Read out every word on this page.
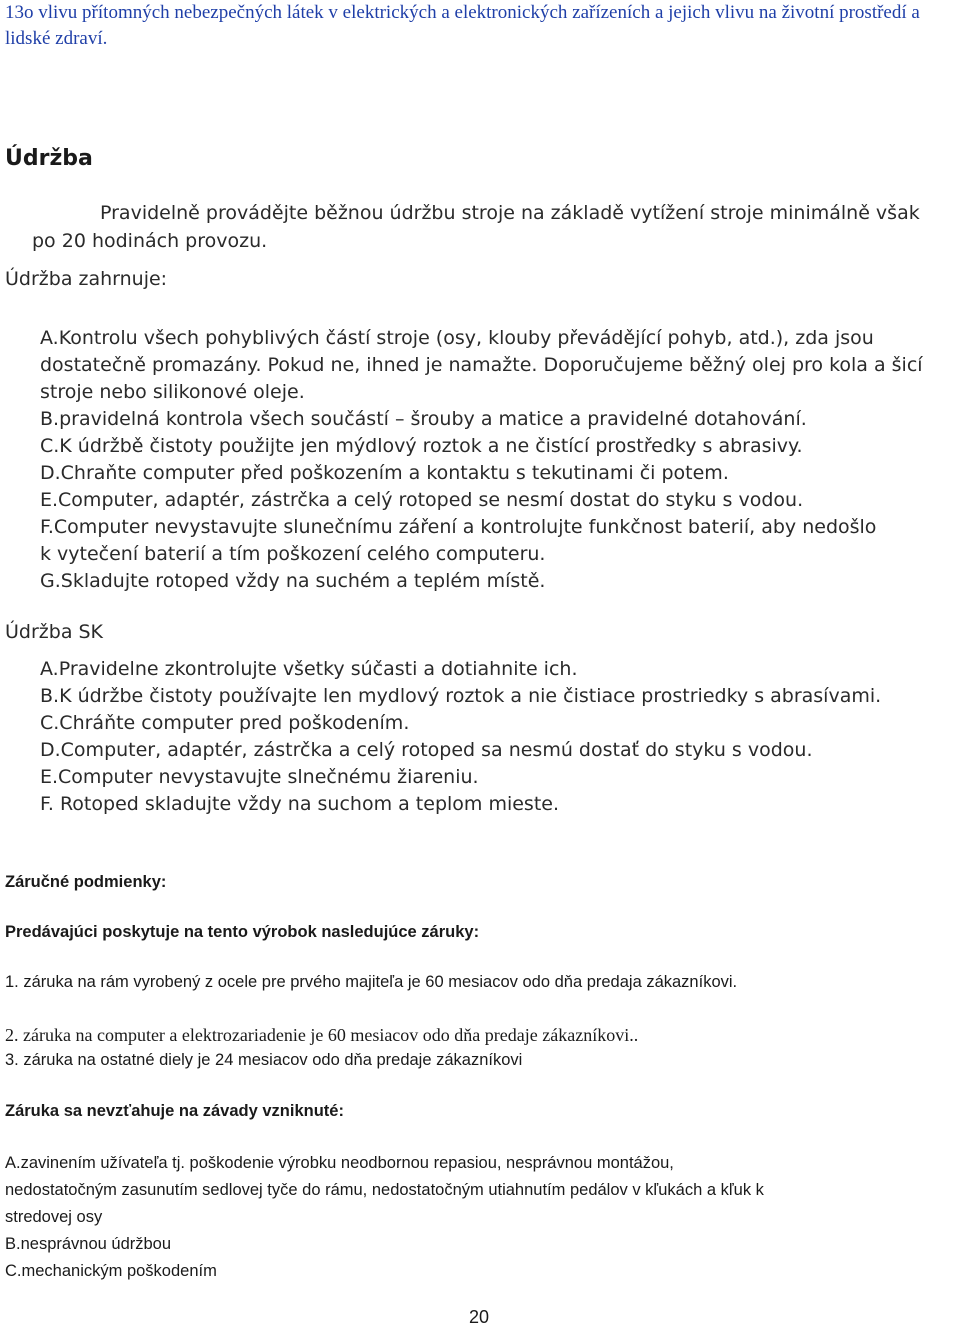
13o vlivu přítomných nebezpečných látek v elektrických a elektronických zařízeních a jejich vlivu na životní prostředí a lidské zdraví.
Údržba
Pravidelně provádějte běžnou údržbu stroje na základě vytížení stroje minimálně však
po 20 hodinách provozu.
Údržba zahrnuje:
A.Kontrolu všech pohyblivých částí stroje (osy, klouby převádějící pohyb, atd.), zda jsou
dostatečně promazány. Pokud ne, ihned je namažte. Doporučujeme běžný olej pro kola a šicí
stroje nebo silikonové oleje.
B.pravidelná kontrola všech součástí – šrouby a matice a pravidelné dotahování.
C.K údržbě čistoty použijte jen mýdlový roztok a ne čistící prostředky s abrasivy.
D.Chraňte computer před poškozením a kontaktu s tekutinami či potem.
E.Computer, adaptér, zástrčka a celý rotoped se nesmí dostat do styku s vodou.
F.Computer nevystavujte slunečnímu záření a kontrolujte funkčnost baterií, aby nedošlo
k vytečení baterií a tím poškození celého computeru.
G.Skladujte rotoped vždy na suchém a teplém místě.
Údržba SK
A.Pravidelne zkontrolujte všetky súčasti a dotiahnite ich.
B.K údržbe čistoty používajte len mydlový roztok a nie čistiace prostriedky s abrasívami.
C.Chráňte computer pred poškodením.
D.Computer, adaptér, zástrčka a celý rotoped sa nesmú dostať do styku s vodou.
E.Computer nevystavujte slnečnému žiareniu.
F. Rotoped skladujte vždy na suchom a teplom mieste.
Záručné podmienky:
Predávajúci poskytuje na tento výrobok nasledujúce záruky:
1. záruka na rám vyrobený z ocele pre prvého majiteľa je 60 mesiacov odo dňa predaja zákazníkovi.
2. záruka na computer a elektrozariadenie je 60 mesiacov odo dňa predaje zákazníkovi..
3. záruka na ostatné diely je 24 mesiacov odo dňa predaje zákazníkovi
Záruka sa nevzťahuje na závady vzniknuté:
A.zavinením užívateľa tj. poškodenie výrobku neodbornou repasiou, nesprávnou montážou,
nedostatočným zasunutím sedlovej tyče do rámu, nedostatočným utiahnutím pedálov v kľukách a kľuk k
stredovej osy
B.nesprávnou údržbou
C.mechanickým poškodením
20
